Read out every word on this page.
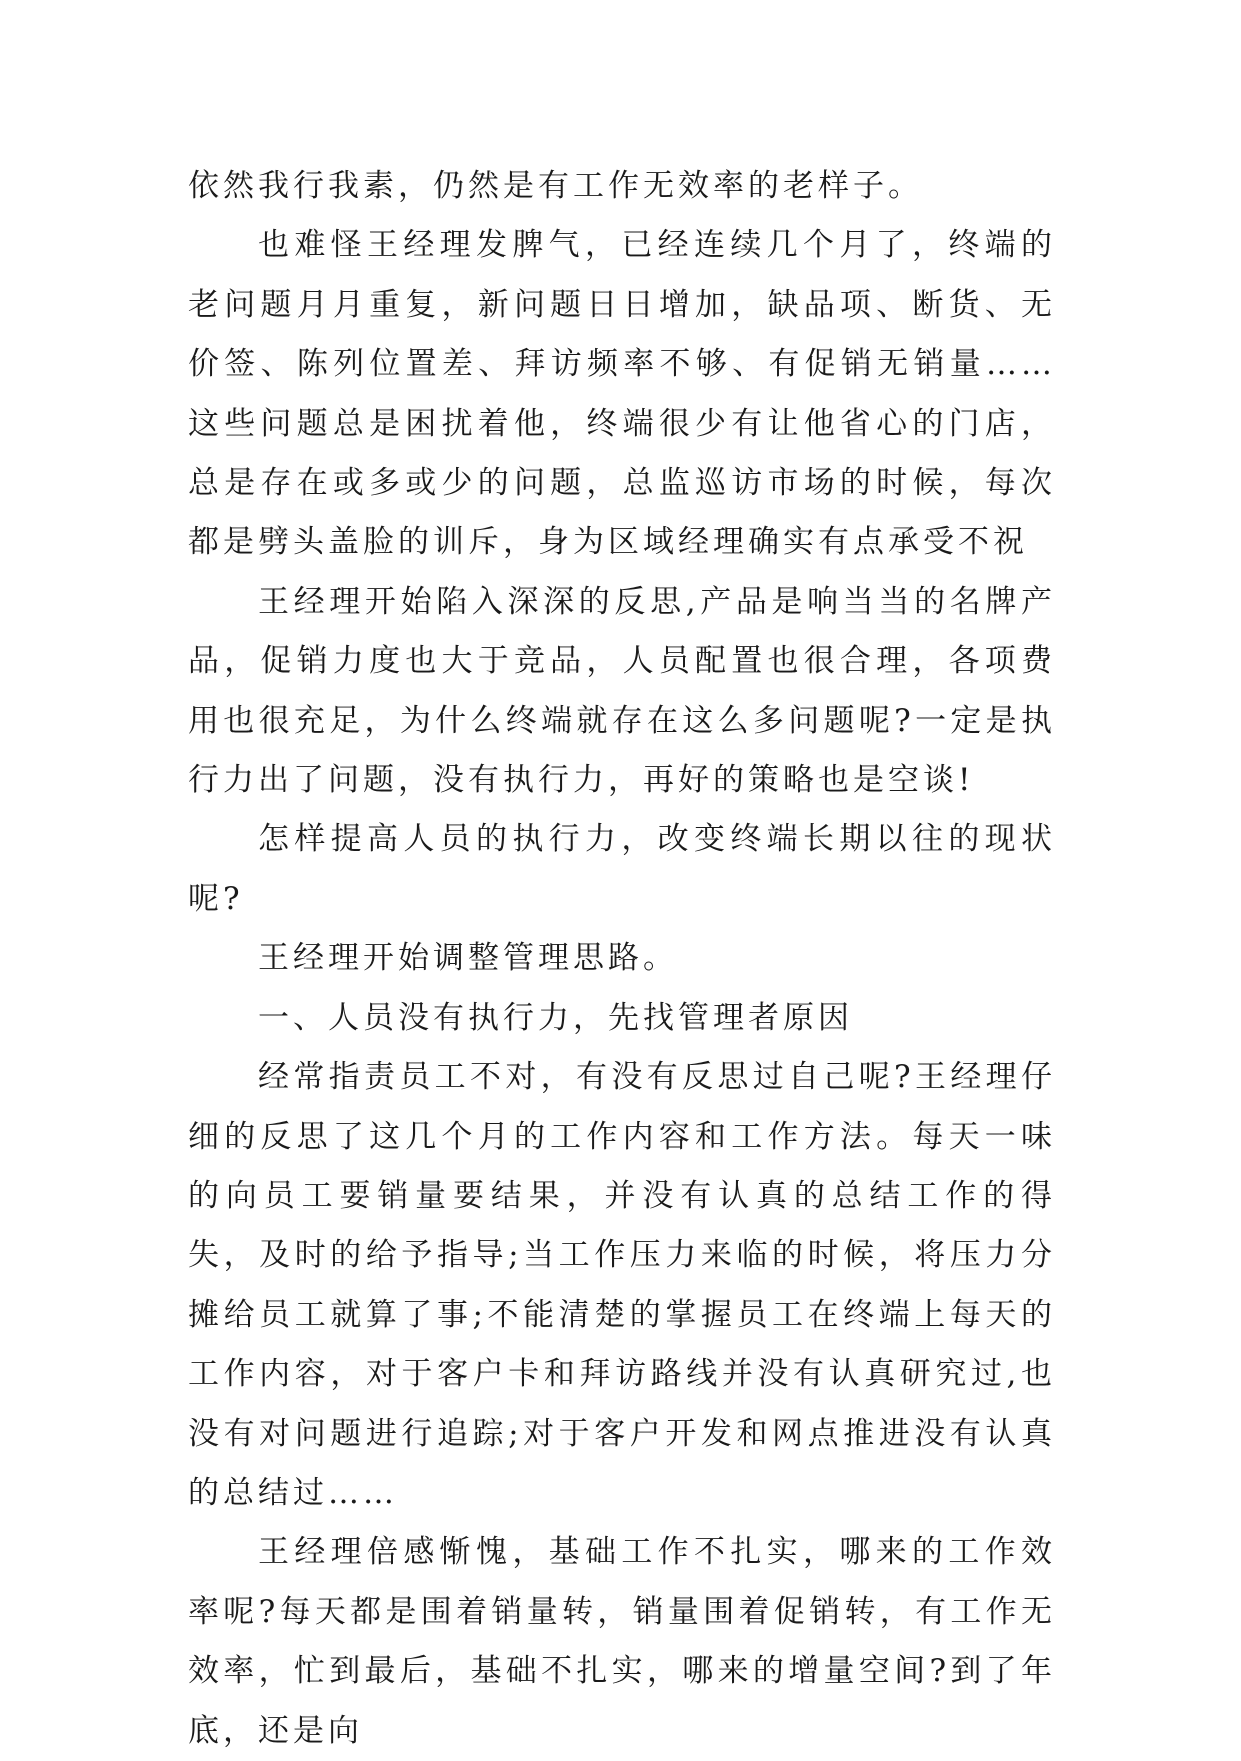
依然我行我素，仍然是有工作无效率的老样子。

也难怪王经理发脾气，已经连续几个月了，终端的老问题月月重复，新问题日日增加，缺品项、断货、无价签、陈列位置差、拜访频率不够、有促销无销量……这些问题总是困扰着他，终端很少有让他省心的门店，总是存在或多或少的问题，总监巡访市场的时候，每次都是劈头盖脸的训斥，身为区域经理确实有点承受不祝

王经理开始陷入深深的反思,产品是响当当的名牌产品，促销力度也大于竞品，人员配置也很合理，各项费用也很充足，为什么终端就存在这么多问题呢?一定是执行力出了问题，没有执行力，再好的策略也是空谈!

怎样提高人员的执行力，改变终端长期以往的现状呢?

王经理开始调整管理思路。

一、人员没有执行力，先找管理者原因

经常指责员工不对，有没有反思过自己呢?王经理仔细的反思了这几个月的工作内容和工作方法。每天一味的向员工要销量要结果，并没有认真的总结工作的得失，及时的给予指导;当工作压力来临的时候，将压力分摊给员工就算了事;不能清楚的掌握员工在终端上每天的工作内容，对于客户卡和拜访路线并没有认真研究过,也没有对问题进行追踪;对于客户开发和网点推进没有认真的总结过……

王经理倍感惭愧，基础工作不扎实，哪来的工作效率呢?每天都是围着销量转，销量围着促销转，有工作无效率，忙到最后，基础不扎实，哪来的增量空间?到了年底，还是向
